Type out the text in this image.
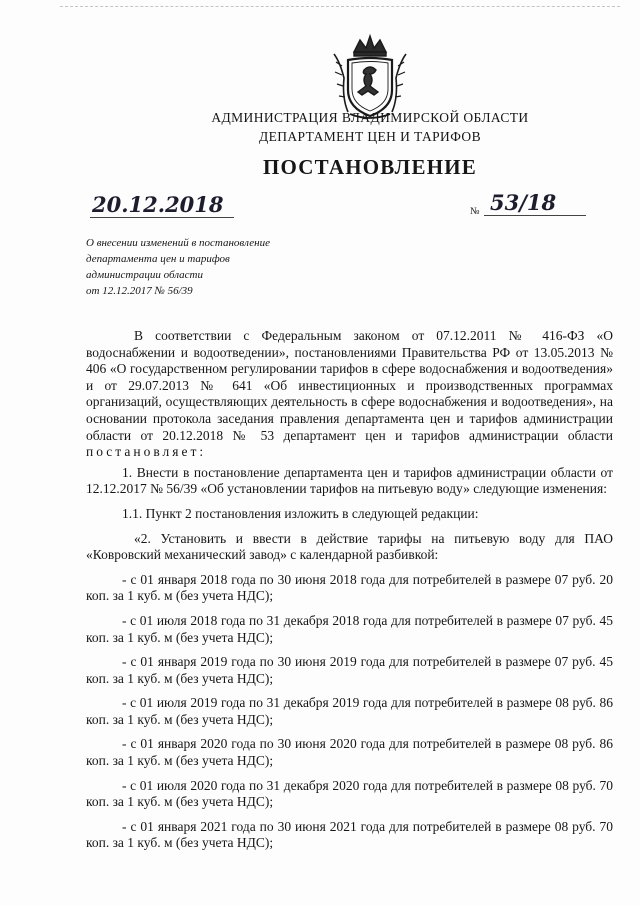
АДМИНИСТРАЦИЯ ВЛАДИМИРСКОЙ ОБЛАСТИ
ДЕПАРТАМЕНТ ЦЕН И ТАРИФОВ
ПОСТАНОВЛЕНИЕ
20.12.2018	№ 53/18
О внесении изменений в постановление
департамента цен и тарифов
администрации области
от 12.12.2017 № 56/39

В соответствии с Федеральным законом от 07.12.2011 № 416-ФЗ «О водоснабжении и водоотведении», постановлениями Правительства РФ от 13.05.2013 № 406 «О государственном регулировании тарифов в сфере водоснабжения и водоотведения» и от 29.07.2013 № 641 «Об инвестиционных и производственных программах организаций, осуществляющих деятельность в сфере водоснабжения и водоотведения», на основании протокола заседания правления департамента цен и тарифов администрации области от 20.12.2018 № 53 департамент цен и тарифов администрации области постановляет:

1. Внести в постановление департамента цен и тарифов администрации области от 12.12.2017 № 56/39 «Об установлении тарифов на питьевую воду» следующие изменения:

1.1. Пункт 2 постановления изложить в следующей редакции:

«2. Установить и ввести в действие тарифы на питьевую воду для ПАО «Ковровский механический завод» с календарной разбивкой:

- с 01 января 2018 года по 30 июня 2018 года для потребителей в размере 07 руб. 20 коп. за 1 куб. м (без учета НДС);

- с 01 июля 2018 года по 31 декабря 2018 года для потребителей в размере 07 руб. 45 коп. за 1 куб. м (без учета НДС);

- с 01 января 2019 года по 30 июня 2019 года для потребителей в размере 07 руб. 45 коп. за 1 куб. м (без учета НДС);

- с 01 июля 2019 года по 31 декабря 2019 года для потребителей в размере 08 руб. 86 коп. за 1 куб. м (без учета НДС);

- с 01 января 2020 года по 30 июня 2020 года для потребителей в размере 08 руб. 86 коп. за 1 куб. м (без учета НДС);

- с 01 июля 2020 года по 31 декабря 2020 года для потребителей в размере 08 руб. 70 коп. за 1 куб. м (без учета НДС);

- с 01 января 2021 года по 30 июня 2021 года для потребителей в размере 08 руб. 70 коп. за 1 куб. м (без учета НДС);
